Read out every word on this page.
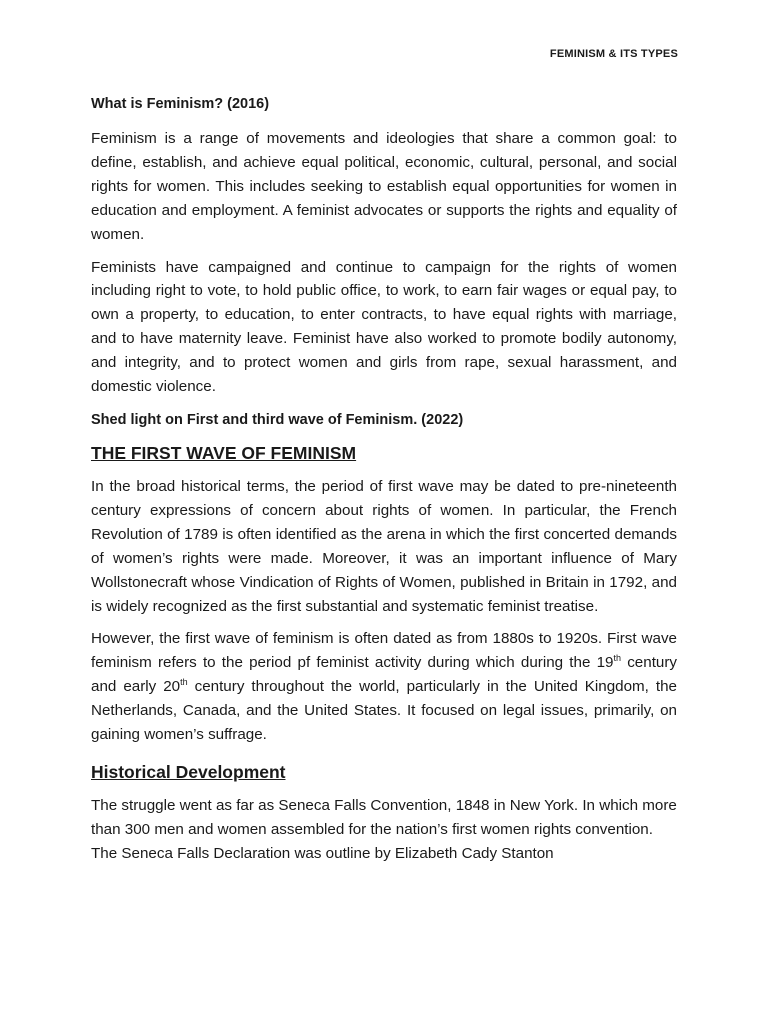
FEMINISM & ITS TYPES
What is Feminism? (2016)

Feminism is a range of movements and ideologies that share a common goal: to define, establish, and achieve equal political, economic, cultural, personal, and social rights for women. This includes seeking to establish equal opportunities for women in education and employment. A feminist advocates or supports the rights and equality of women.

Feminists have campaigned and continue to campaign for the rights of women including right to vote, to hold public office, to work, to earn fair wages or equal pay, to own a property, to education, to enter contracts, to have equal rights with marriage, and to have maternity leave. Feminist have also worked to promote bodily autonomy, and integrity, and to protect women and girls from rape, sexual harassment, and domestic violence.

Shed light on First and third wave of Feminism. (2022)
THE FIRST WAVE OF FEMINISM

In the broad historical terms, the period of first wave may be dated to pre-nineteenth century expressions of concern about rights of women. In particular, the French Revolution of 1789 is often identified as the arena in which the first concerted demands of women’s rights were made. Moreover, it was an important influence of Mary Wollstonecraft whose Vindication of Rights of Women, published in Britain in 1792, and is widely recognized as the first substantial and systematic feminist treatise.

However, the first wave of feminism is often dated as from 1880s to 1920s. First wave feminism refers to the period pf feminist activity during which during the 19th century and early 20th century throughout the world, particularly in the United Kingdom, the Netherlands, Canada, and the United States. It focused on legal issues, primarily, on gaining women’s suffrage.

Historical Development

The struggle went as far as Seneca Falls Convention, 1848 in New York. In which more than 300 men and women assembled for the nation’s first women rights convention. The Seneca Falls Declaration was outline by Elizabeth Cady Stanton
